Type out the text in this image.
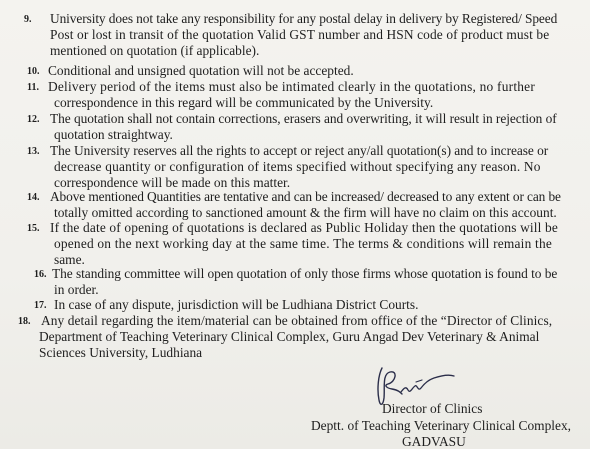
9. University does not take any responsibility for any postal delay in delivery by Registered/ Speed
Post or lost in transit of the quotation Valid GST number and HSN code of product must be
mentioned on quotation (if applicable).
10. Conditional and unsigned quotation will not be accepted.
11. Delivery period of the items must also be intimated clearly in the quotations, no further
correspondence in this regard will be communicated by the University.
12. The quotation shall not contain corrections, erasers and overwriting, it will result in rejection of
quotation straightway.
13. The University reserves all the rights to accept or reject any/all quotation(s) and to increase or
decrease quantity or configuration of items specified without specifying any reason. No
correspondence will be made on this matter.
14. Above mentioned Quantities are tentative and can be increased/ decreased to any extent or can be
totally omitted according to sanctioned amount & the firm will have no claim on this account.
15. If the date of opening of quotations is declared as Public Holiday then the quotations will be
opened on the next working day at the same time. The terms & conditions will remain the
same.
16. The standing committee will open quotation of only those firms whose quotation is found to be
in order.
17. In case of any dispute, jurisdiction will be Ludhiana District Courts.
18. Any detail regarding the item/material can be obtained from office of the “Director of Clinics,
Department of Teaching Veterinary Clinical Complex, Guru Angad Dev Veterinary & Animal
Sciences University, Ludhiana
Director of Clinics
Deptt. of Teaching Veterinary Clinical Complex,
GADVASU
